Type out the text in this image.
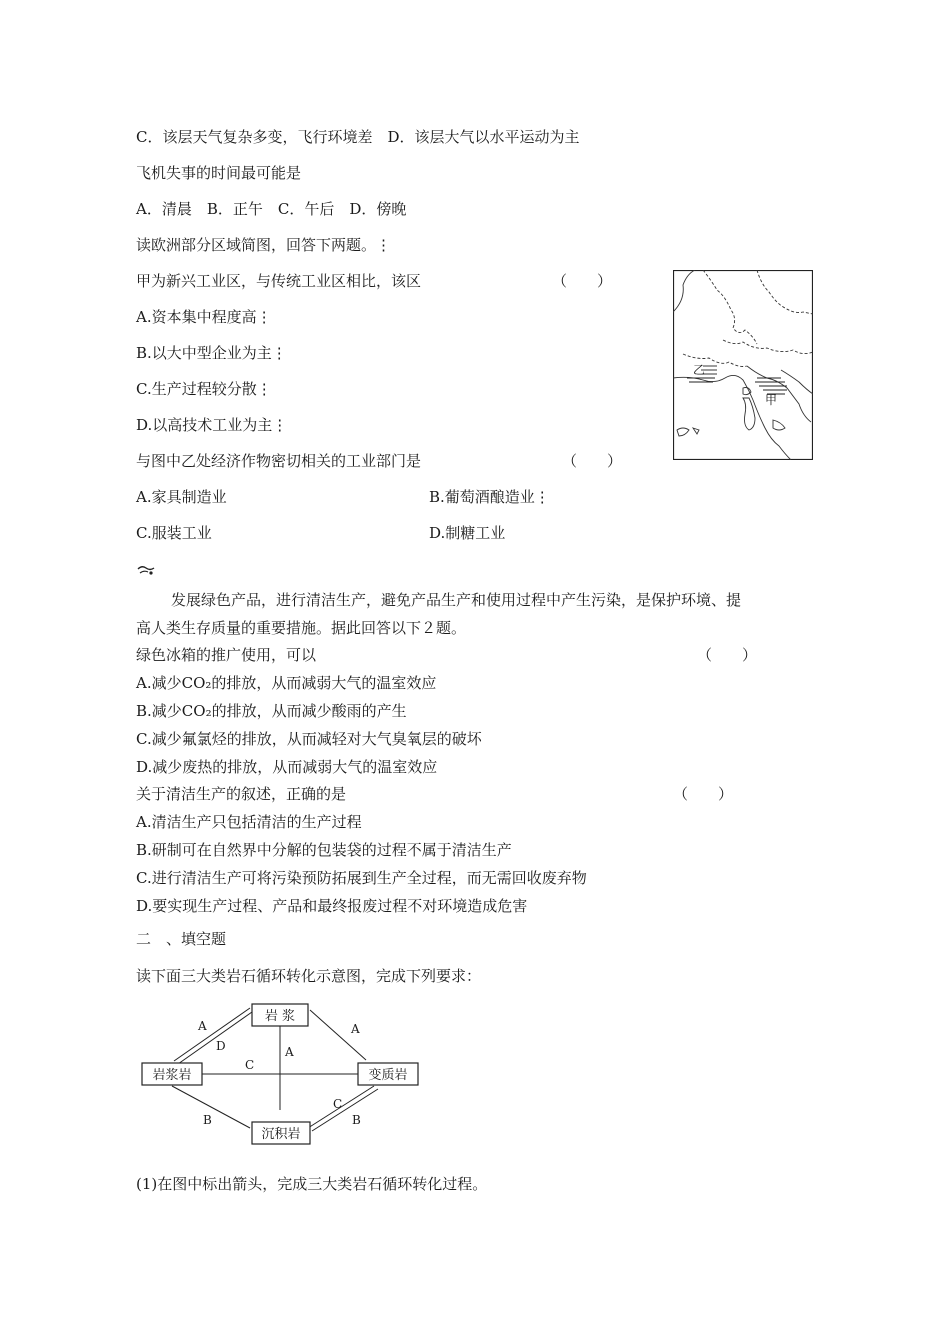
C．该层天气复杂多变，飞行环境差　D．该层大气以水平运动为主
飞机失事的时间最可能是
A．清晨　B．正午　C．午后　D．傍晚
读欧洲部分区域简图，回答下两题。⋮
甲为新兴工业区，与传统工业区相比，该区	（　　）
A.资本集中程度高⋮
B.以大中型企业为主⋮
C.生产过程较分散⋮
D.以高技术工业为主⋮
与图中乙处经济作物密切相关的工业部门是	（　　）
A.家具制造业	B.葡萄酒酿造业⋮
C.服装工业	D.制糖工业
乙
甲
发展绿色产品，进行清洁生产，避免产品生产和使用过程中产生污染，是保护环境、提
高人类生存质量的重要措施。据此回答以下２题。
绿色冰箱的推广使用，可以	（　　）
A.减少CO₂的排放，从而减弱大气的温室效应
B.减少CO₂的排放，从而减少酸雨的产生
C.减少氟氯烃的排放，从而减轻对大气臭氧层的破坏
D.减少废热的排放，从而减弱大气的温室效应
关于清洁生产的叙述，正确的是	（　　）
A.清洁生产只包括清洁的生产过程
B.研制可在自然界中分解的包装袋的过程不属于清洁生产
C.进行清洁生产可将污染预防拓展到生产全过程，而无需回收废弃物
D.要实现生产过程、产品和最终报废过程不对环境造成危害
二　、填空题
读下面三大类岩石循环转化示意图，完成下列要求：
岩 浆
岩浆岩	变质岩
沉积岩
A
D
A
A
C
B
C
B
(1)在图中标出箭头，完成三大类岩石循环转化过程。
